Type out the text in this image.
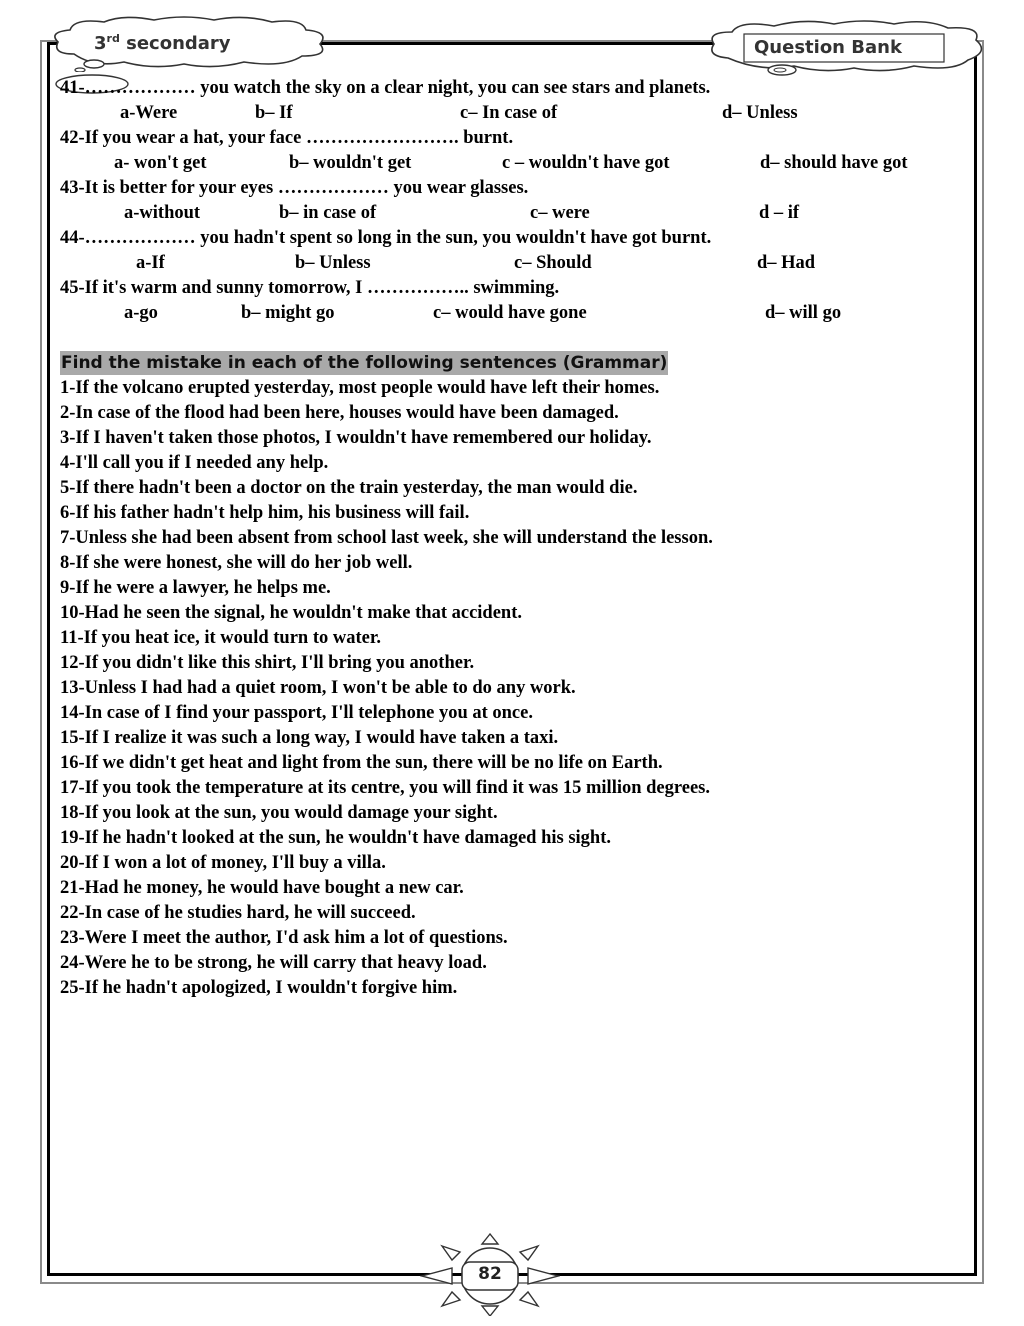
3rd secondary	Question Bank
41-……………… you watch the sky on a clear night, you can see stars and planets.
a-Were	b– If	c– In case of	d– Unless
42-If you wear a hat, your face ……………………. burnt.
a- won't get	b– wouldn't get	c – wouldn't have got	d– should have got
43-It is better for your eyes ……………… you wear glasses.
a-without	b– in case of	c– were	d – if
44-……………… you hadn't spent so long in the sun, you wouldn't have got burnt.
a-If	b– Unless	c– Should	d– Had
45-If it's warm and sunny tomorrow, I …………….. swimming.
a-go	b– might go	c– would have gone	d– will go
Find the mistake in each of the following sentences (Grammar)
1-If the volcano erupted yesterday, most people would have left their homes.
2-In case of the flood had been here, houses would have been damaged.
3-If I haven't taken those photos, I wouldn't have remembered our holiday.
4-I'll call you if I needed any help.
5-If there hadn't been a doctor on the train yesterday, the man would die.
6-If his father hadn't help him, his business will fail.
7-Unless she had been absent from school last week, she will understand the lesson.
8-If she were honest, she will do her job well.
9-If he were a lawyer, he helps me.
10-Had he seen the signal, he wouldn't make that accident.
11-If you heat ice, it would turn to water.
12-If you didn't like this shirt, I'll bring you another.
13-Unless I had had a quiet room, I won't be able to do any work.
14-In case of I find your passport, I'll telephone you at once.
15-If I realize it was such a long way, I would have taken a taxi.
16-If we didn't get heat and light from the sun, there will be no life on Earth.
17-If you took the temperature at its centre, you will find it was 15 million degrees.
18-If you look at the sun, you would damage your sight.
19-If he hadn't looked at the sun, he wouldn't have damaged his sight.
20-If I won a lot of money, I'll buy a villa.
21-Had he money, he would have bought a new car.
22-In case of he studies hard, he will succeed.
23-Were I meet the author, I'd ask him a lot of questions.
24-Were he to be strong, he will carry that heavy load.
25-If he hadn't apologized, I wouldn't forgive him.
82
